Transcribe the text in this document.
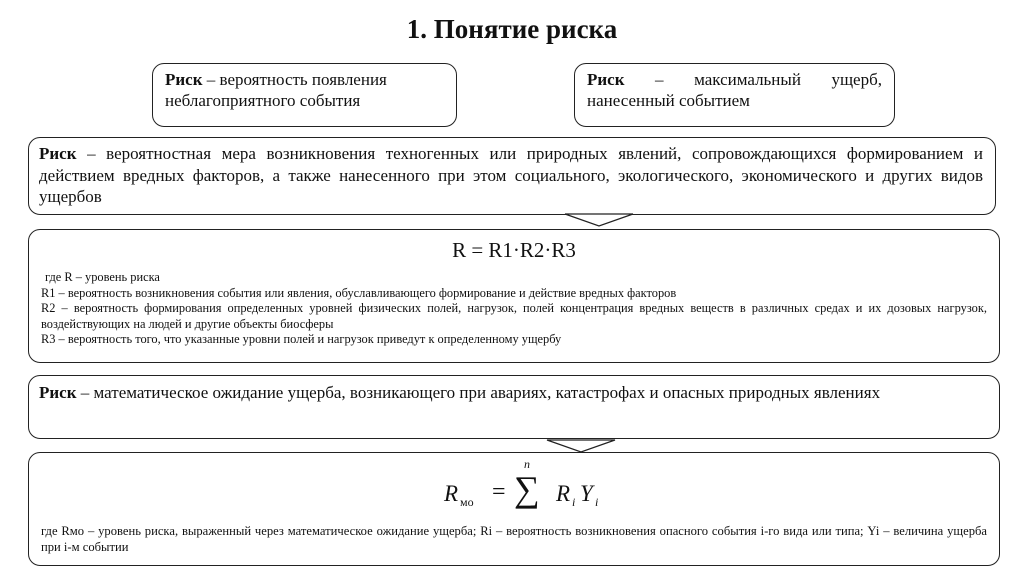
1. Понятие риска
Риск – вероятность появления неблагоприятного события
Риск – максимальный ущерб, нанесенный событием
Риск – вероятностная мера возникновения техногенных или природных явлений, сопровождающихся формированием и действием вредных факторов, а также нанесенного при этом социального, экологического, экономического и других видов ущербов
R = R1·R2·R3
где R – уровень риска
R1 – вероятность возникновения события или явления, обуславливающего формирование и действие вредных факторов
R2 – вероятность формирования определенных уровней физических полей, нагрузок, полей концентрация вредных веществ в различных средах и их дозовых нагрузок, воздействующих на людей и другие объекты биосферы
R3 – вероятность того, что указанные уровни полей и нагрузок приведут к определенному ущербу
Риск – математическое ожидание ущерба, возникающего при авариях, катастрофах и опасных природных явлениях
R мо =
n
∑ R i Y i
где Rмо – уровень риска, выраженный через математическое ожидание ущерба; Ri – вероятность возникновения опасного события i-го вида или типа; Yi – величина ущерба при i-м событии
